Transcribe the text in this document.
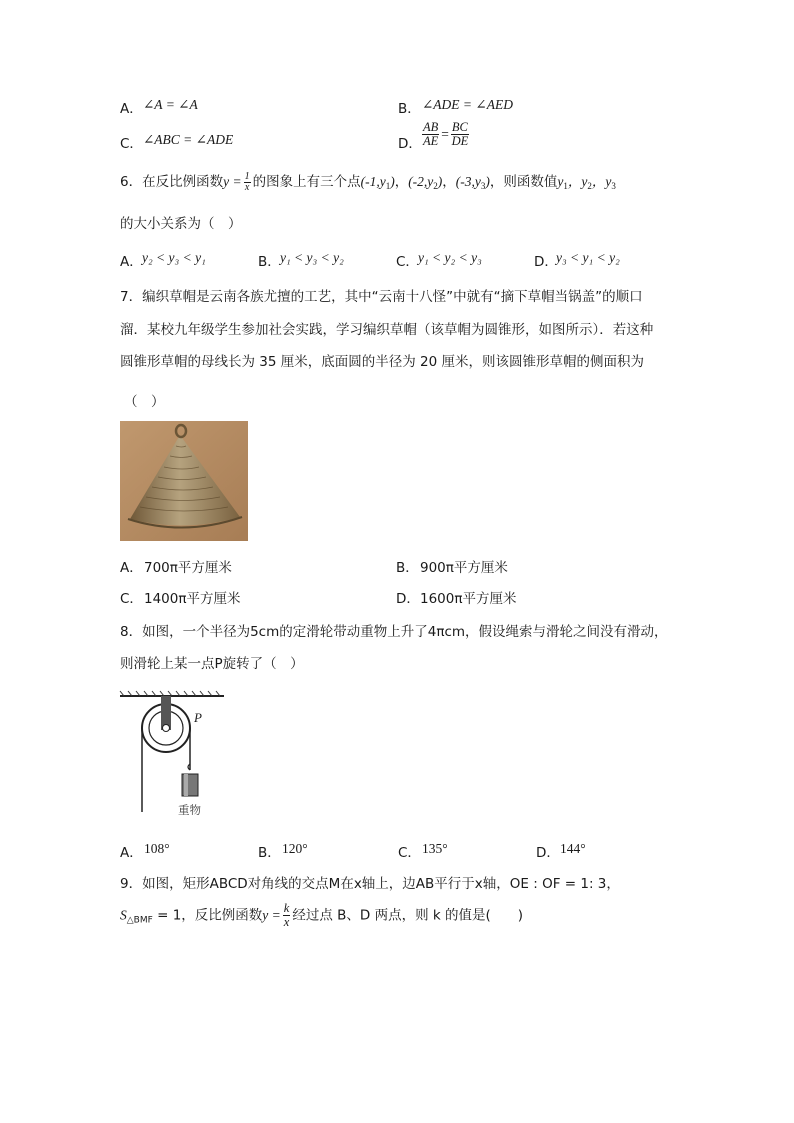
A． ∠A = ∠A	B． ∠ADE = ∠AED
C． ∠ABC = ∠ADE	D． $\frac{AB}{AE} = \frac{BC}{DE}$
6．在反比例函数$y = \frac{1}{x}$ 的图象上有三个点$(-1,y_1)$，$(-2,y_2)$，$(-3,y_3)$，则函数值$y_1$，$y_2$，$y_3$
的大小关系为（　）
A． y₂ < y₃ < y₁	B． y₁ < y₃ < y₂	C． y₁ < y₂ < y₃	D．
y₃ < y₁ < y₂
7．编织草帽是云南各族尤擅的工艺，其中“云南十八怪”中就有“摘下草帽当锅盖”的顺口
溜．某校九年级学生参加社会实践，学习编织草帽（该草帽为圆锥形，如图所示）．若这种
圆锥形草帽的母线长为 35 厘米，底面圆的半径为 20 厘米，则该圆锥形草帽的侧面积为
（　）
A． 700π平方厘米	B． 900π平方厘米
C． 1400π平方厘米	D． 1600π平方厘米
8．如图，一个半径为5cm的定滑轮带动重物上升了4πcm，假设绳索与滑轮之间没有滑动，
则滑轮上某一点P旋转了（　）
P
重物
A． 108°	B． 120°	C． 135°	D． 144°
9．如图，矩形ABCD对角线的交点M在x轴上，边AB平行于x轴，OE : OF = 1: 3，
$S_{\triangle BMF} = 1$，反比例函数$y = \frac{k}{x}$ 经过点 B、D 两点，则 k 的值是(　　)
